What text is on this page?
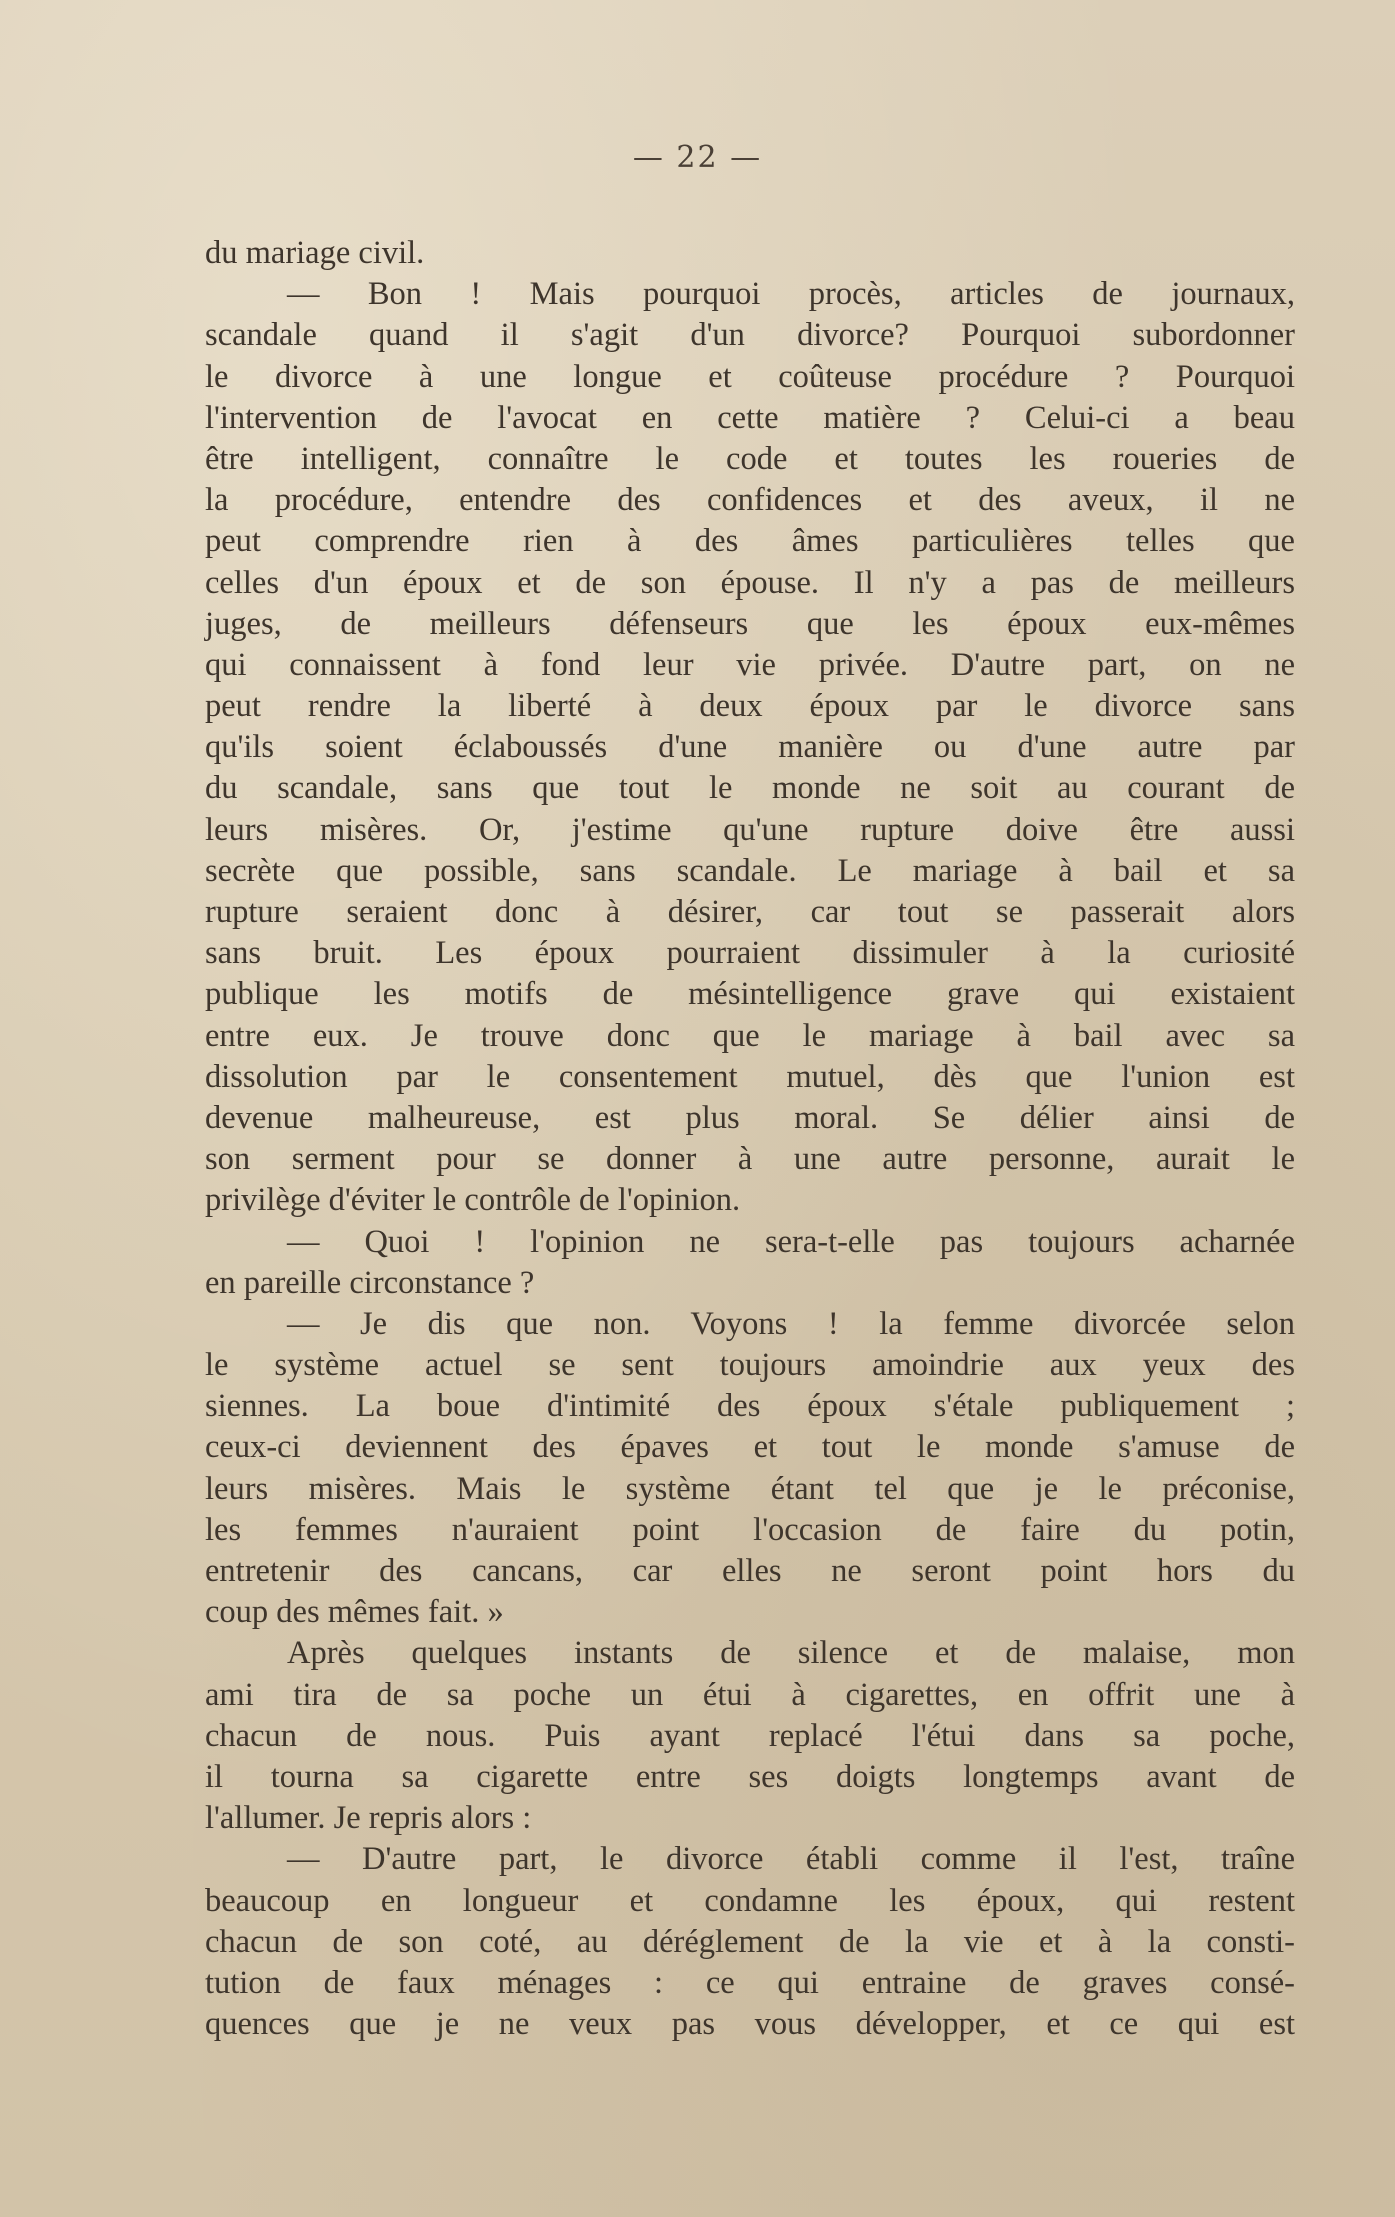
— 22 —
du mariage civil.
— Bon ! Mais pourquoi procès, articles de journaux,
scandale quand il s'agit d'un divorce? Pourquoi subordonner
le divorce à une longue et coûteuse procédure ? Pourquoi
l'intervention de l'avocat en cette matière ? Celui-ci a beau
être intelligent, connaître le code et toutes les roueries de
la procédure, entendre des confidences et des aveux, il ne
peut comprendre rien à des âmes particulières telles que
celles d'un époux et de son épouse. Il n'y a pas de meilleurs
juges, de meilleurs défenseurs que les époux eux-mêmes
qui connaissent à fond leur vie privée. D'autre part, on ne
peut rendre la liberté à deux époux par le divorce sans
qu'ils soient éclaboussés d'une manière ou d'une autre par
du scandale, sans que tout le monde ne soit au courant de
leurs misères. Or, j'estime qu'une rupture doive être aussi
secrète que possible, sans scandale. Le mariage à bail et sa
rupture seraient donc à désirer, car tout se passerait alors
sans bruit. Les époux pourraient dissimuler à la curiosité
publique les motifs de mésintelligence grave qui existaient
entre eux. Je trouve donc que le mariage à bail avec sa
dissolution par le consentement mutuel, dès que l'union est
devenue malheureuse, est plus moral. Se délier ainsi de
son serment pour se donner à une autre personne, aurait le
privilège d'éviter le contrôle de l'opinion.
— Quoi ! l'opinion ne sera-t-elle pas toujours acharnée
en pareille circonstance ?
— Je dis que non. Voyons ! la femme divorcée selon
le système actuel se sent toujours amoindrie aux yeux des
siennes. La boue d'intimité des époux s'étale publiquement ;
ceux-ci deviennent des épaves et tout le monde s'amuse de
leurs misères. Mais le système étant tel que je le préconise,
les femmes n'auraient point l'occasion de faire du potin,
entretenir des cancans, car elles ne seront point hors du
coup des mêmes fait. »
Après quelques instants de silence et de malaise, mon
ami tira de sa poche un étui à cigarettes, en offrit une à
chacun de nous. Puis ayant replacé l'étui dans sa poche,
il tourna sa cigarette entre ses doigts longtemps avant de
l'allumer. Je repris alors :
— D'autre part, le divorce établi comme il l'est, traîne
beaucoup en longueur et condamne les époux, qui restent
chacun de son coté, au déréglement de la vie et à la consti-
tution de faux ménages : ce qui entraine de graves consé-
quences que je ne veux pas vous développer, et ce qui est
